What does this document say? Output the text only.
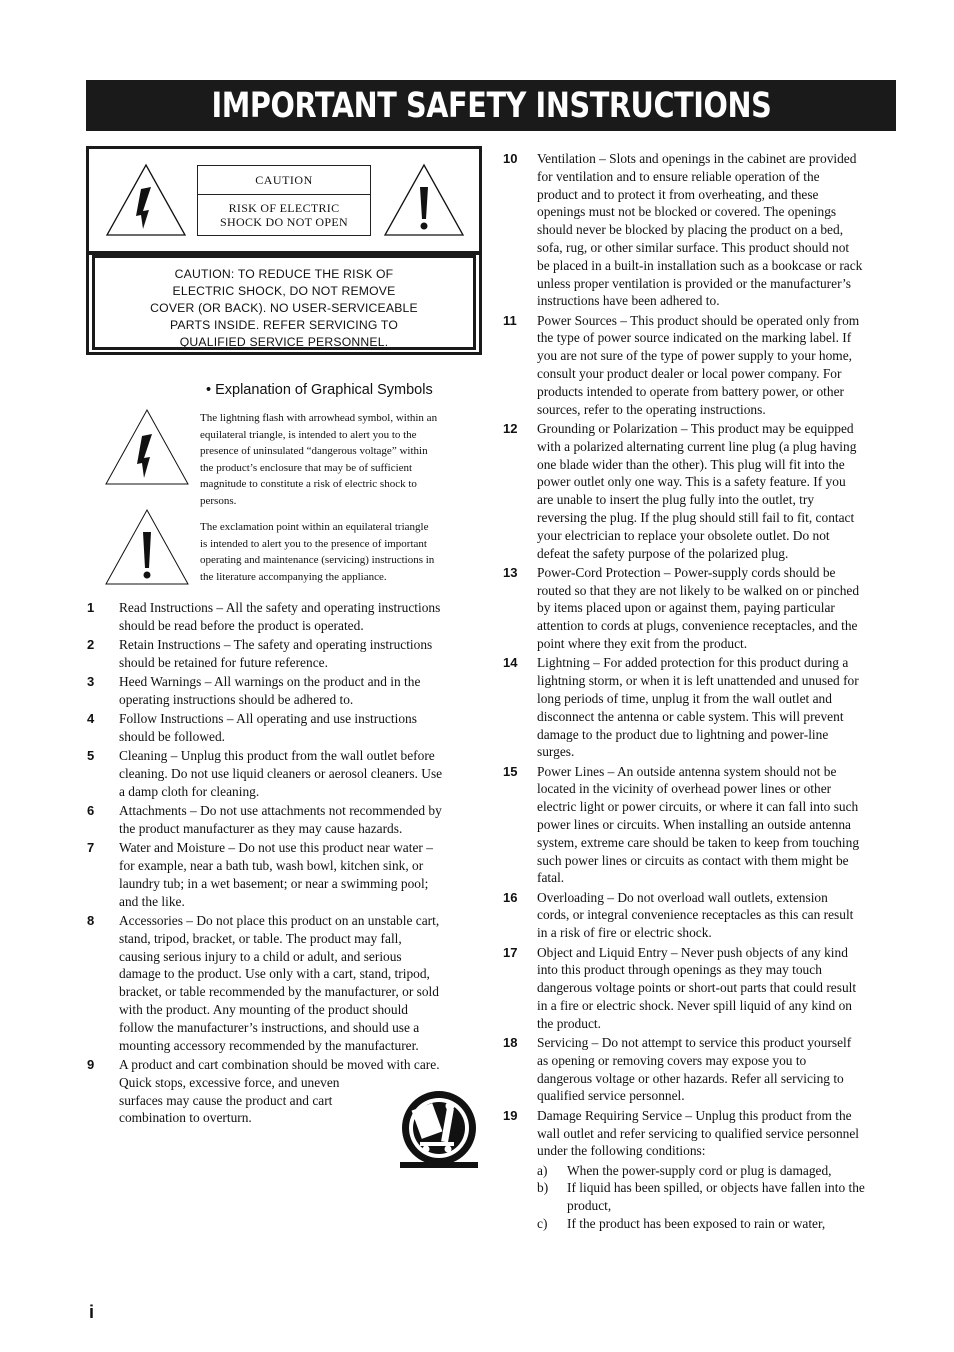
IMPORTANT SAFETY INSTRUCTIONS
CAUTION
RISK OF ELECTRIC
SHOCK DO NOT OPEN
CAUTION: TO REDUCE THE RISK OF
ELECTRIC SHOCK, DO NOT REMOVE
COVER (OR BACK). NO USER-SERVICEABLE
PARTS INSIDE. REFER SERVICING TO
QUALIFIED SERVICE PERSONNEL.
• Explanation of Graphical Symbols
The lightning flash with arrowhead symbol, within an
equilateral triangle, is intended to alert you to the
presence of uninsulated “dangerous voltage” within
the product’s enclosure that may be of sufficient
magnitude to constitute a risk of electric shock to
persons.
The exclamation point within an equilateral triangle
is intended to alert you to the presence of important
operating and maintenance (servicing) instructions in
the literature accompanying the appliance.
1 Read Instructions – All the safety and operating instructions
should be read before the product is operated.
2 Retain Instructions – The safety and operating instructions
should be retained for future reference.
3 Heed Warnings – All warnings on the product and in the
operating instructions should be adhered to.
4 Follow Instructions – All operating and use instructions
should be followed.
5 Cleaning – Unplug this product from the wall outlet before
cleaning. Do not use liquid cleaners or aerosol cleaners. Use
a damp cloth for cleaning.
6 Attachments – Do not use attachments not recommended by
the product manufacturer as they may cause hazards.
7 Water and Moisture – Do not use this product near water –
for example, near a bath tub, wash bowl, kitchen sink, or
laundry tub; in a wet basement; or near a swimming pool;
and the like.
8 Accessories – Do not place this product on an unstable cart,
stand, tripod, bracket, or table. The product may fall,
causing serious injury to a child or adult, and serious
damage to the product. Use only with a cart, stand, tripod,
bracket, or table recommended by the manufacturer, or sold
with the product. Any mounting of the product should
follow the manufacturer’s instructions, and should use a
mounting accessory recommended by the manufacturer.
9 A product and cart combination should be moved with care.
Quick stops, excessive force, and uneven
surfaces may cause the product and cart
combination to overturn.
10 Ventilation – Slots and openings in the cabinet are provided
for ventilation and to ensure reliable operation of the
product and to protect it from overheating, and these
openings must not be blocked or covered. The openings
should never be blocked by placing the product on a bed,
sofa, rug, or other similar surface. This product should not
be placed in a built-in installation such as a bookcase or rack
unless proper ventilation is provided or the manufacturer’s
instructions have been adhered to.
11 Power Sources – This product should be operated only from
the type of power source indicated on the marking label. If
you are not sure of the type of power supply to your home,
consult your product dealer or local power company. For
products intended to operate from battery power, or other
sources, refer to the operating instructions.
12 Grounding or Polarization – This product may be equipped
with a polarized alternating current line plug (a plug having
one blade wider than the other). This plug will fit into the
power outlet only one way. This is a safety feature. If you
are unable to insert the plug fully into the outlet, try
reversing the plug. If the plug should still fail to fit, contact
your electrician to replace your obsolete outlet. Do not
defeat the safety purpose of the polarized plug.
13 Power-Cord Protection – Power-supply cords should be
routed so that they are not likely to be walked on or pinched
by items placed upon or against them, paying particular
attention to cords at plugs, convenience receptacles, and the
point where they exit from the product.
14 Lightning – For added protection for this product during a
lightning storm, or when it is left unattended and unused for
long periods of time, unplug it from the wall outlet and
disconnect the antenna or cable system. This will prevent
damage to the product due to lightning and power-line
surges.
15 Power Lines – An outside antenna system should not be
located in the vicinity of overhead power lines or other
electric light or power circuits, or where it can fall into such
power lines or circuits. When installing an outside antenna
system, extreme care should be taken to keep from touching
such power lines or circuits as contact with them might be
fatal.
16 Overloading – Do not overload wall outlets, extension
cords, or integral convenience receptacles as this can result
in a risk of fire or electric shock.
17 Object and Liquid Entry – Never push objects of any kind
into this product through openings as they may touch
dangerous voltage points or short-out parts that could result
in a fire or electric shock. Never spill liquid of any kind on
the product.
18 Servicing – Do not attempt to service this product yourself
as opening or removing covers may expose you to
dangerous voltage or other hazards. Refer all servicing to
qualified service personnel.
19 Damage Requiring Service – Unplug this product from the
wall outlet and refer servicing to qualified service personnel
under the following conditions:
a) When the power-supply cord or plug is damaged,
b) If liquid has been spilled, or objects have fallen into the
product,
c) If the product has been exposed to rain or water,
i
